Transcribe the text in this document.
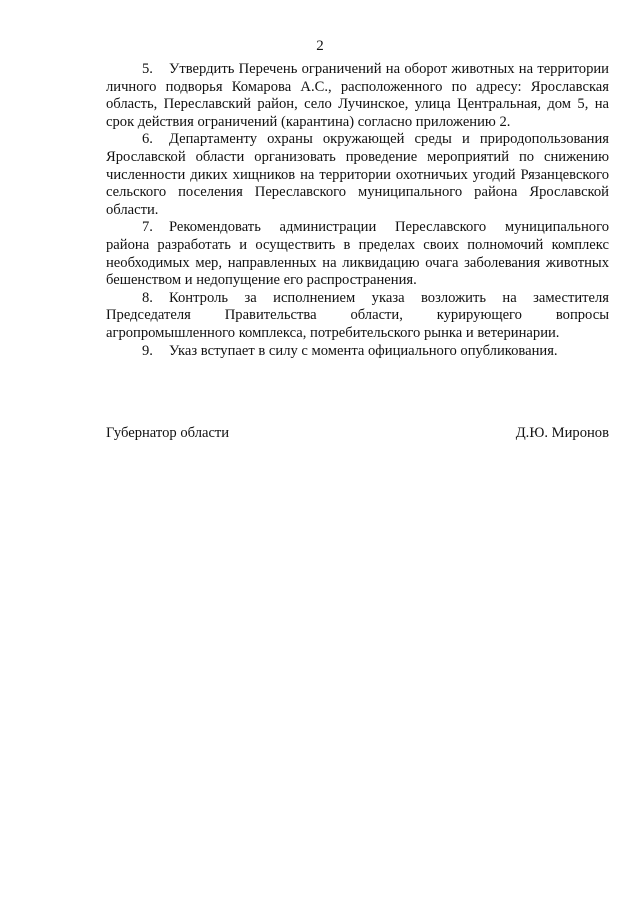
2

5. Утвердить Перечень ограничений на оборот животных на территории личного подворья Комарова А.С., расположенного по адресу: Ярославская область, Переславский район, село Лучинское, улица Центральная, дом 5, на срок действия ограничений (карантина) согласно приложению 2.

6. Департаменту охраны окружающей среды и природопользования Ярославской области организовать проведение мероприятий по снижению численности диких хищников на территории охотничьих угодий Рязанцевского сельского поселения Переславского муниципального района Ярославской области.

7. Рекомендовать администрации Переславского муниципального района разработать и осуществить в пределах своих полномочий комплекс необходимых мер, направленных на ликвидацию очага заболевания животных бешенством и недопущение его распространения.

8. Контроль за исполнением указа возложить на заместителя Председателя Правительства области, курирующего вопросы агропромышленного комплекса, потребительского рынка и ветеринарии.

9. Указ вступает в силу с момента официального опубликования.

Губернатор области	Д.Ю. Миронов
